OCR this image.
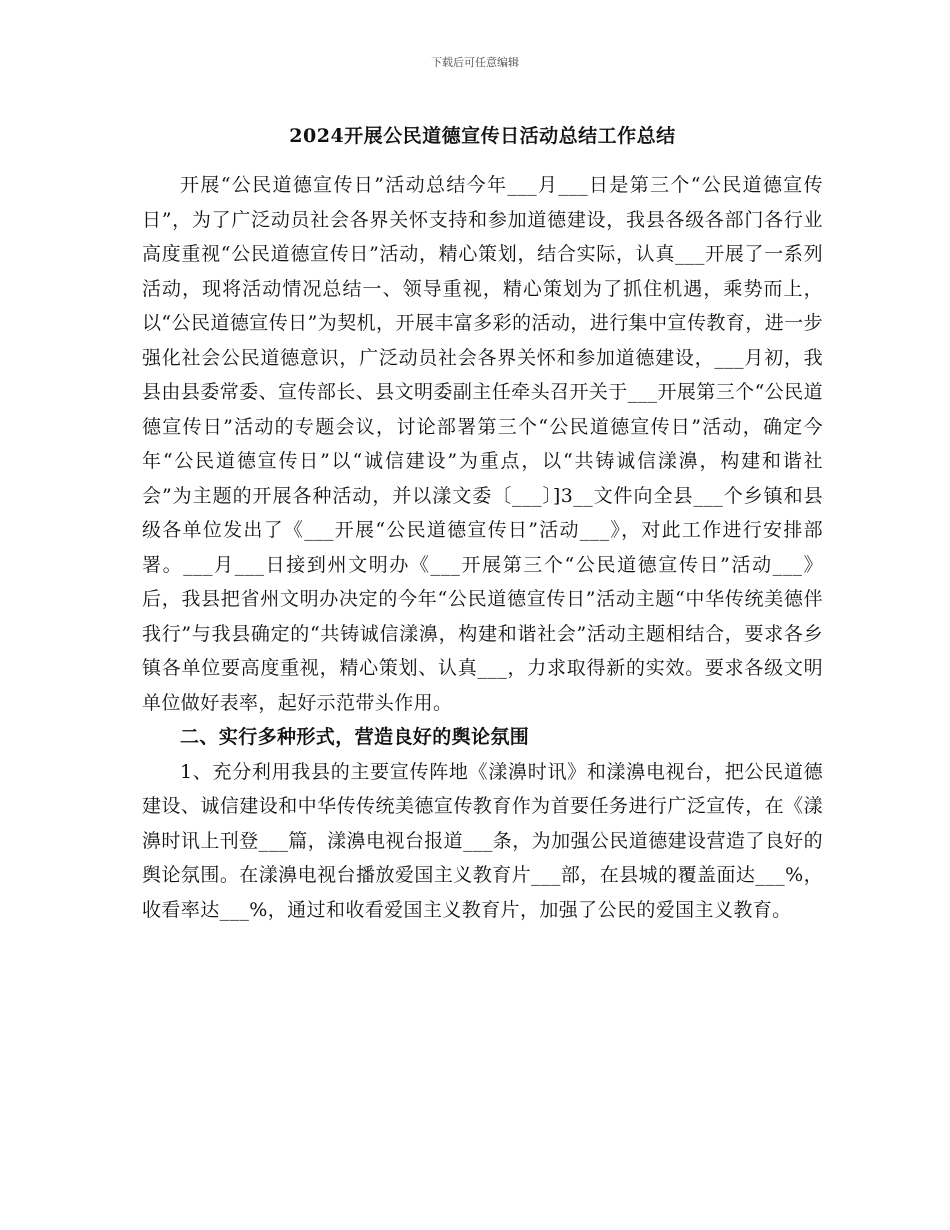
下载后可任意编辑
2024开展公民道德宣传日活动总结工作总结

开展“公民道德宣传日”活动总结今年___月___日是第三个“公民道德宣传日”，为了广泛动员社会各界关怀支持和参加道德建设，我县各级各部门各行业高度重视“公民道德宣传日”活动，精心策划，结合实际，认真___开展了一系列活动，现将活动情况总结一、领导重视，精心策划为了抓住机遇，乘势而上，以“公民道德宣传日”为契机，开展丰富多彩的活动，进行集中宣传教育，进一步强化社会公民道德意识，广泛动员社会各界关怀和参加道德建设，___月初，我县由县委常委、宣传部长、县文明委副主任牵头召开关于___开展第三个“公民道德宣传日”活动的专题会议，讨论部署第三个“公民道德宣传日”活动，确定今年“公民道德宣传日”以“诚信建设”为重点，以“共铸诚信漾濞，构建和谐社会”为主题的开展各种活动，并以漾文委〔___〕]3__文件向全县___个乡镇和县级各单位发出了《___开展“公民道德宣传日”活动___》，对此工作进行安排部署。___月___日接到州文明办《___开展第三个“公民道德宣传日”活动___》后，我县把省州文明办决定的今年“公民道德宣传日”活动主题“中华传统美德伴我行”与我县确定的“共铸诚信漾濞，构建和谐社会”活动主题相结合，要求各乡镇各单位要高度重视，精心策划、认真___，力求取得新的实效。要求各级文明单位做好表率，起好示范带头作用。

二、实行多种形式，营造良好的舆论氛围

1、充分利用我县的主要宣传阵地《漾濞时讯》和漾濞电视台，把公民道德建设、诚信建设和中华传传统美德宣传教育作为首要任务进行广泛宣传，在《漾濞时讯上刊登___篇，漾濞电视台报道___条，为加强公民道德建设营造了良好的舆论氛围。在漾濞电视台播放爱国主义教育片___部，在县城的覆盖面达___%，收看率达___%，通过和收看爱国主义教育片，加强了公民的爱国主义教育。
